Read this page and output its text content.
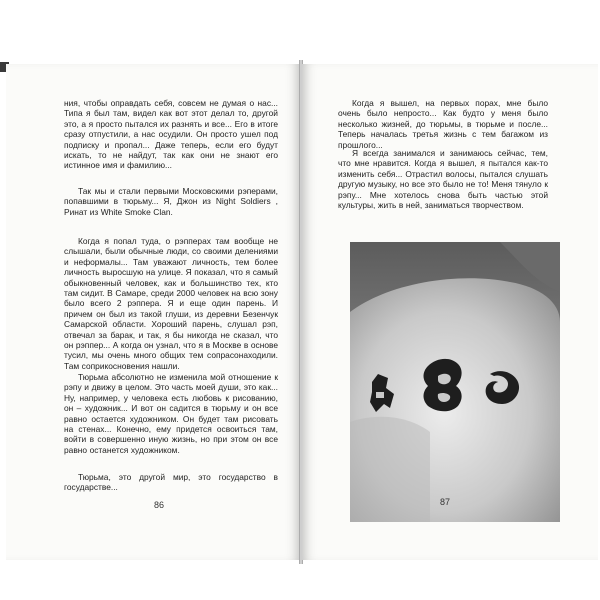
ния, чтобы оправдать себя, совсем не думая о нас... Типа я был там, видел как вот этот делал то, другой это, а я просто пытался их разнять и все... Его в итоге сразу отпустили, а нас осудили. Он просто ушел под подписку и пропал... Даже теперь, если его будут искать, то не найдут, так как они не знают его истинное имя и фамилию...

Так мы и стали первыми Московскими рэперами, попавшими в тюрьму... Я, Джон из Night Soldiers , Ринат из White Smoke Clan.

Когда я попал туда, о рэпперах там вообще не слышали, были обычные люди, со своими делениями и неформалы... Там уважают личность, тем более личность выросшую на улице. Я показал, что я самый обыкновенный человек, как и большинство тех, кто там сидит. В Самаре, среди 2000 человек на всю зону было всего 2 рэппера. Я и еще один парень. И причем он был из такой глуши, из деревни Безенчук Самарской области. Хороший парень, слушал рэп, отвечал за барак, и так, я бы никогда не сказал, что он рэппер... А когда он узнал, что я в Москве в основе тусил, мы очень много общих тем сопрacoнаходили. Там соприкосновения нашли.

Тюрьма абсолютно не изменила мой отношение к рэпу и движу в целом. Это часть моей души, это как... Ну, например, у человека есть любовь к рисованию, он – художник... И вот он садится в тюрьму и он все равно остается художником. Он будет там рисовать на стенах... Конечно, ему придется освоиться там, войти в совершенно иную жизнь, но при этом он все равно останется художником.

Тюрьма, это другой мир, это государство в государстве...

86

Когда я вышел, на первых порах, мне было очень было непросто... Как будто у меня было несколько жизней, до тюрьмы, в тюрьме и после... Теперь началась третья жизнь с тем багажом из прошлого...

Я всегда занимался и занимаюсь сейчас, тем, что мне нравится. Когда я вышел, я пытался как-то изменить себя... Отрастил волосы, пытался слушать другую музыку, но все это было не то! Меня тянуло к рэпу... Мне хотелось снова быть частью этой культуры, жить в ней, заниматься творчеством.

87
